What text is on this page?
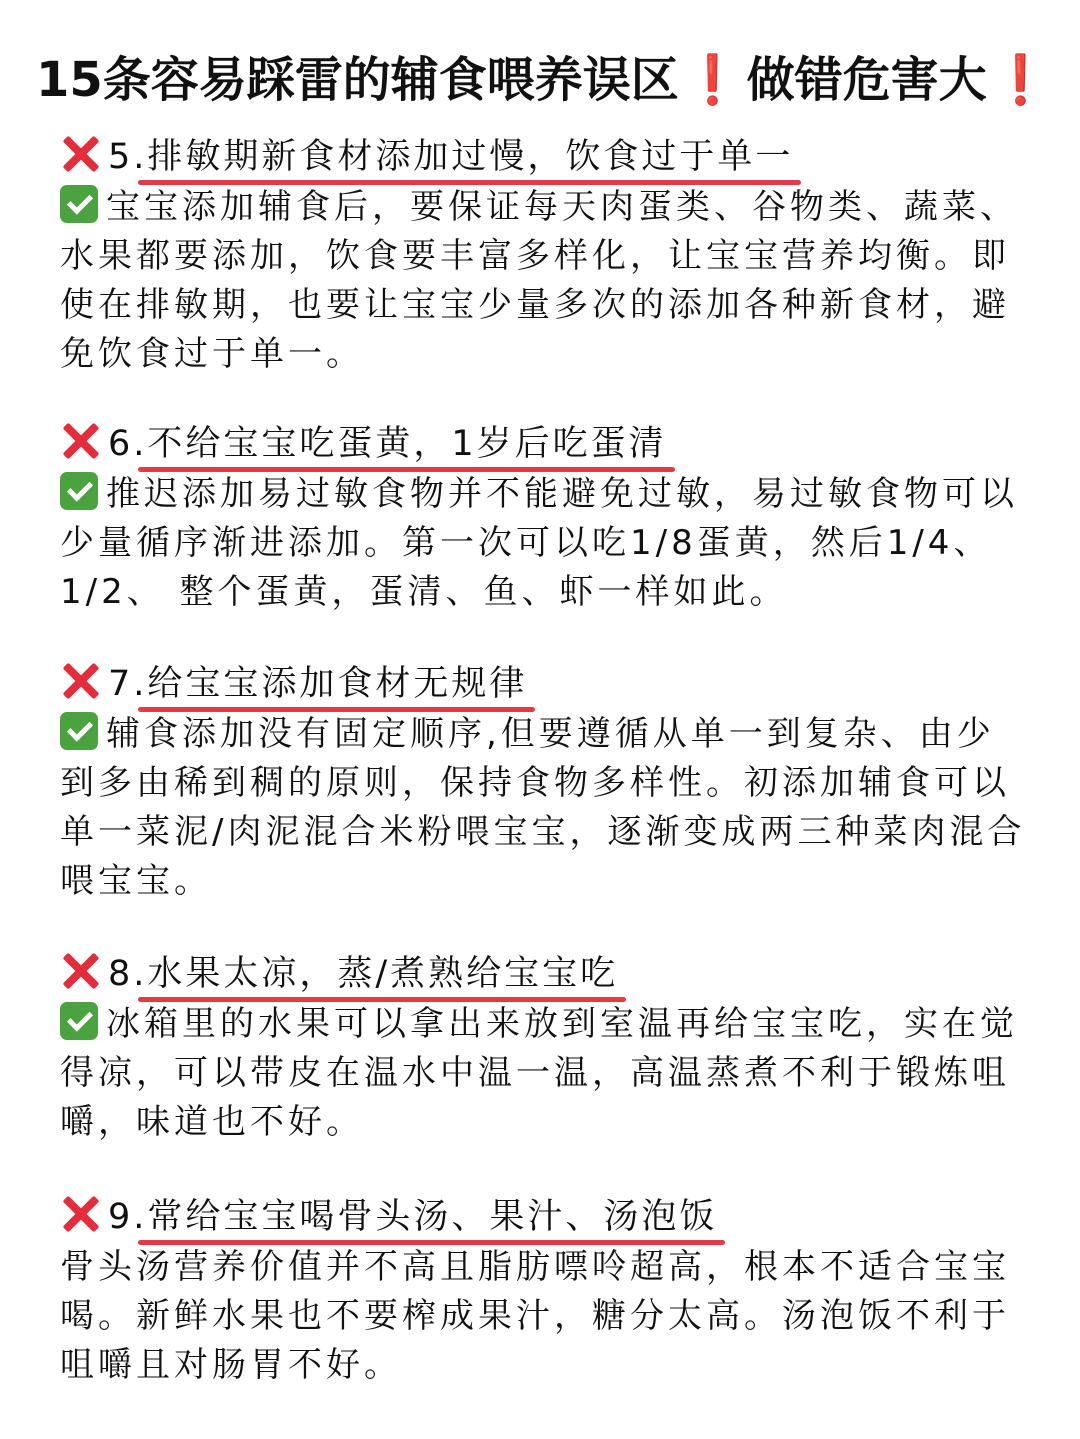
15条容易踩雷的辅食喂养误区❗做错危害大❗
5.排敏期新食材添加过慢，饮食过于单一
宝宝添加辅食后，要保证每天肉蛋类、谷物类、蔬菜、水果都要添加，饮食要丰富多样化，让宝宝营养均衡。即使在排敏期，也要让宝宝少量多次的添加各种新食材，避免饮食过于单一。
6.不给宝宝吃蛋黄，1岁后吃蛋清
推迟添加易过敏食物并不能避免过敏，易过敏食物可以少量循序渐进添加。第一次可以吃1/8蛋黄，然后1/4、1/2、 整个蛋黄，蛋清、鱼、虾一样如此。
7.给宝宝添加食材无规律
辅食添加没有固定顺序,但要遵循从单一到复杂、由少到多由稀到稠的原则，保持食物多样性。初添加辅食可以单一菜泥/肉泥混合米粉喂宝宝，逐渐变成两三种菜肉混合喂宝宝。
8.水果太凉，蒸/煮熟给宝宝吃
冰箱里的水果可以拿出来放到室温再给宝宝吃，实在觉得凉，可以带皮在温水中温一温，高温蒸煮不利于锻炼咀嚼，味道也不好。
9.常给宝宝喝骨头汤、果汁、汤泡饭
骨头汤营养价值并不高且脂肪嘌呤超高，根本不适合宝宝喝。新鲜水果也不要榨成果汁，糖分太高。汤泡饭不利于咀嚼且对肠胃不好。
